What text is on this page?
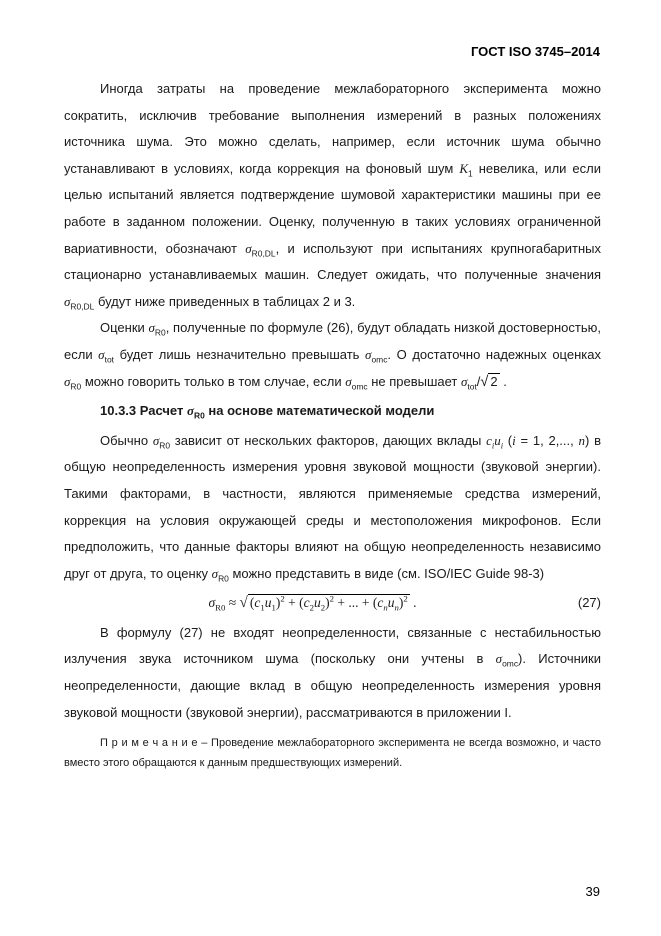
ГОСТ ISO 3745–2014

Иногда затраты на проведение межлабораторного эксперимента можно сократить, исключив требование выполнения измерений в разных положениях источника шума. Это можно сделать, например, если источник шума обычно устанавливают в условиях, когда коррекция на фоновый шум $K_1$ невелика, или если целью испытаний является подтверждение шумовой характеристики машины при ее работе в заданном положении. Оценку, полученную в таких условиях ограниченной вариативности, обозначают $\sigma_{R0,DL}$, и используют при испытаниях крупногабаритных стационарно устанавливаемых машин. Следует ожидать, что полученные значения $\sigma_{R0,DL}$ будут ниже приведенных в таблицах 2 и 3.

Оценки $\sigma_{R0}$, полученные по формуле (26), будут обладать низкой достоверностью, если $\sigma_{tot}$ будет лишь незначительно превышать $\sigma_{omc}$. О достаточно надежных оценках $\sigma_{R0}$ можно говорить только в том случае, если $\sigma_{omc}$ не превышает $\sigma_{tot}/√$ 2 .

10.3.3 Расчет $\sigma_{R0}$ на основе математической модели

Обычно $\sigma_{R0}$ зависит от нескольких факторов, дающих вклады $c_iu_i$ (i = 1, 2,..., n) в общую неопределенность измерения уровня звуковой мощности (звуковой энергии). Такими факторами, в частности, являются применяемые средства измерений, коррекция на условия окружающей среды и местоположения микрофонов. Если предположить, что данные факторы влияют на общую неопределенность независимо друг от друга, то оценку $\sigma_{R0}$ можно представить в виде (см. ISO/IEC Guide 98-3)

$\sigma_{R0}$ ≈ √ $(c_1u_1)^2 + (c_2u_2)^2$ + ... + $(c_nu_n)^2$ .	(27)

В формулу (27) не входят неопределенности, связанные с нестабильностью излучения звука источником шума (поскольку они учтены в $\sigma_{omc}$). Источники неопределенности, дающие вклад в общую неопределенность измерения уровня звуковой мощности (звуковой энергии), рассматриваются в приложении I.

П р и м е ч а н и е – Проведение межлабораторного эксперимента не всегда возможно, и часто вместо этого обращаются к данным предшествующих измерений.

39
